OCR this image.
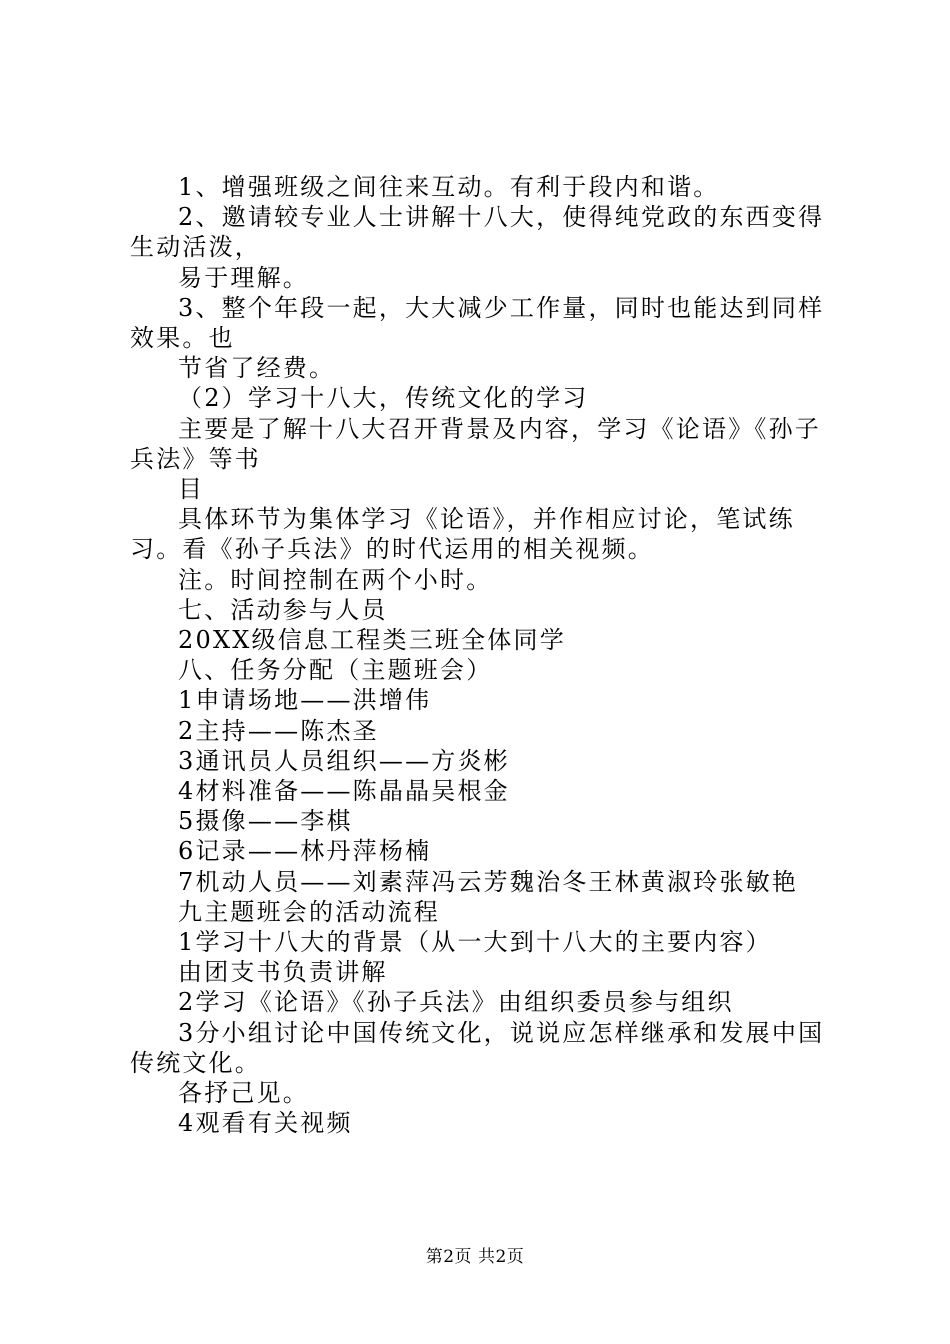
1、增强班级之间往来互动。有利于段内和谐。

2、邀请较专业人士讲解十八大，使得纯党政的东西变得生动活泼，

易于理解。

3、整个年段一起，大大减少工作量，同时也能达到同样效果。也

节省了经费。

（2）学习十八大，传统文化的学习

主要是了解十八大召开背景及内容，学习《论语》《孙子兵法》等书

目

具体环节为集体学习《论语》，并作相应讨论，笔试练习。看《孙子兵法》的时代运用的相关视频。

注。时间控制在两个小时。

七、活动参与人员

20XX级信息工程类三班全体同学

八、任务分配（主题班会）

1申请场地——洪增伟

2主持——陈杰圣

3通讯员人员组织——方炎彬

4材料准备——陈晶晶吴根金

5摄像——李棋

6记录——林丹萍杨楠

7机动人员——刘素萍冯云芳魏治冬王林黄淑玲张敏艳

九主题班会的活动流程

1学习十八大的背景（从一大到十八大的主要内容）

由团支书负责讲解

2学习《论语》《孙子兵法》由组织委员参与组织

3分小组讨论中国传统文化，说说应怎样继承和发展中国传统文化。

各抒己见。

4观看有关视频

第2页 共2页
